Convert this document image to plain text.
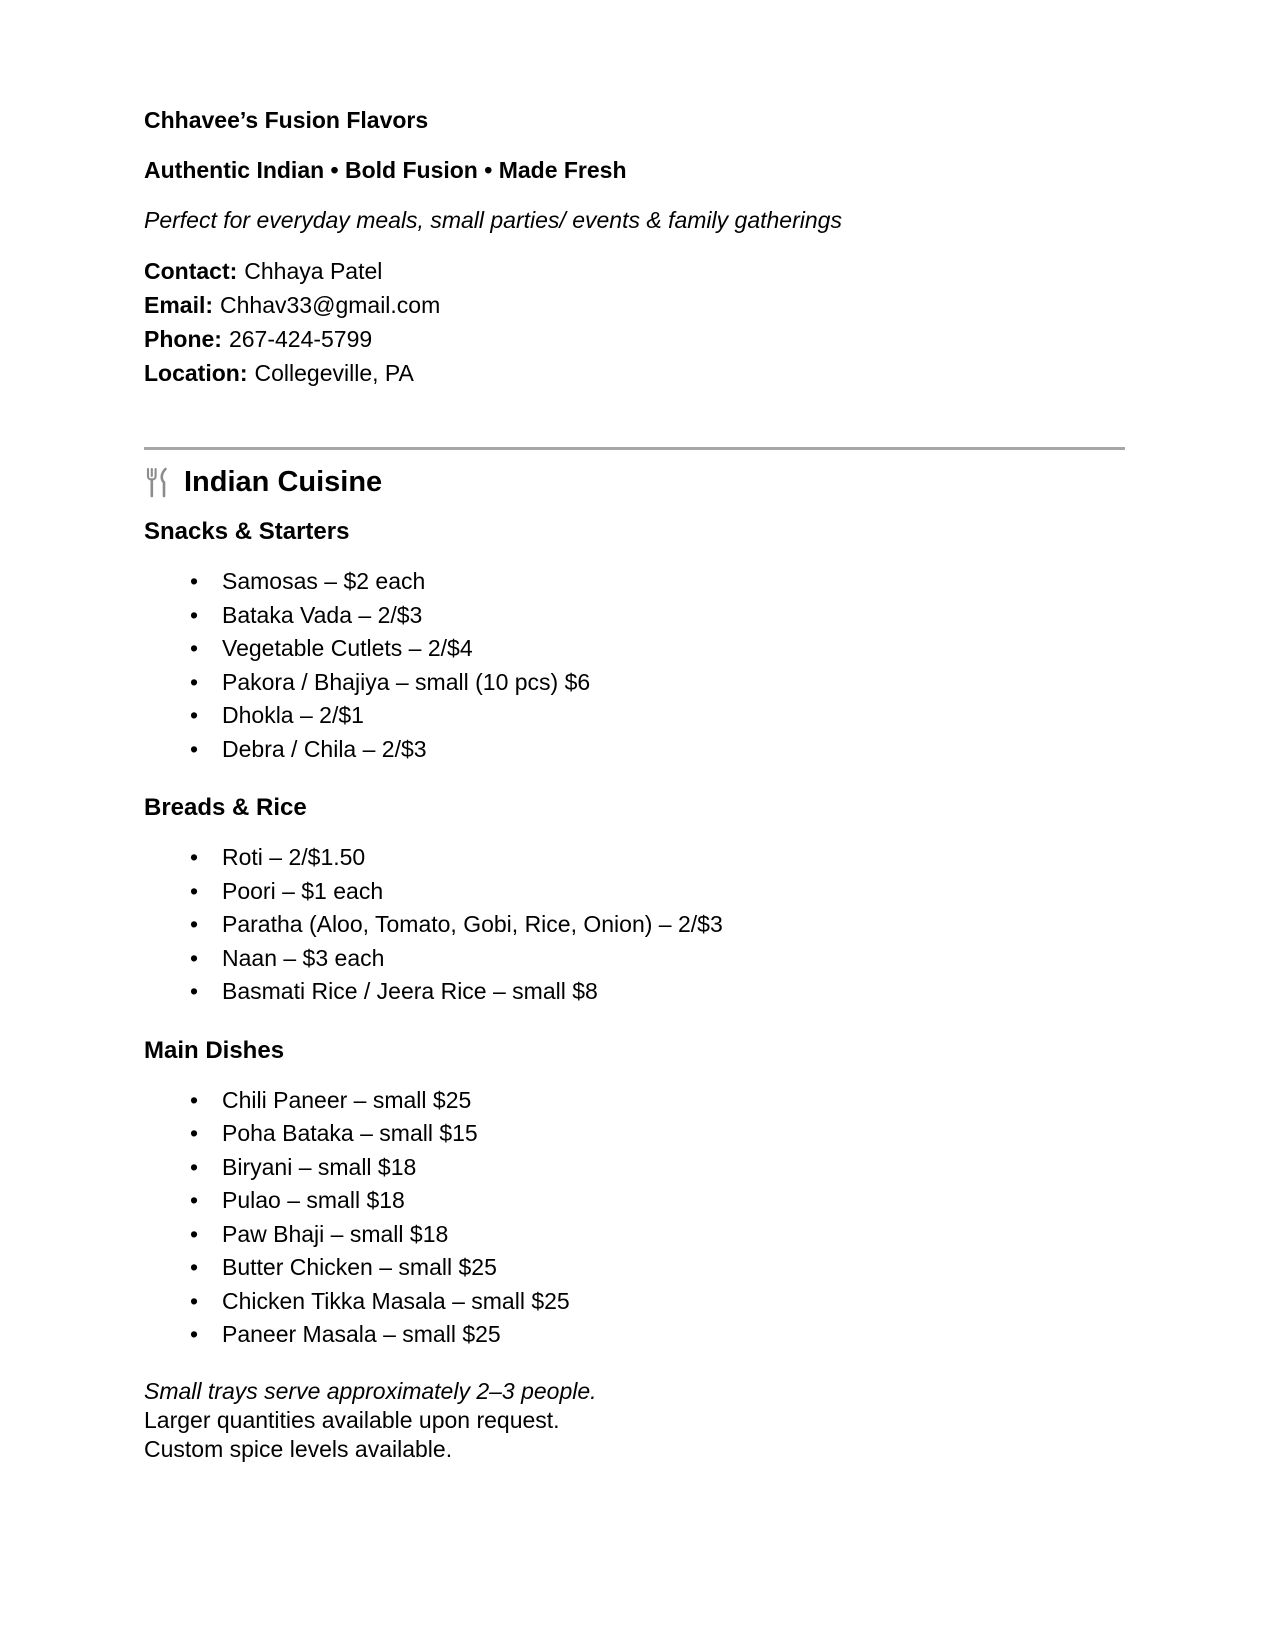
Chhavee’s Fusion Flavors

Authentic Indian • Bold Fusion • Made Fresh

Perfect for everyday meals, small parties/ events & family gatherings

Contact: Chhaya Patel

Email: Chhav33@gmail.com

Phone: 267-424-5799

Location: Collegeville, PA

Indian Cuisine
Snacks & Starters
• Samosas – $2 each
• Bataka Vada – 2/$3
• Vegetable Cutlets – 2/$4
• Pakora / Bhajiya – small (10 pcs) $6
• Dhokla – 2/$1
• Debra / Chila – 2/$3
Breads & Rice
• Roti – 2/$1.50
• Poori – $1 each
• Paratha (Aloo, Tomato, Gobi, Rice, Onion) – 2/$3
• Naan – $3 each
• Basmati Rice / Jeera Rice – small $8
Main Dishes
• Chili Paneer – small $25
• Poha Bataka – small $15
• Biryani – small $18
• Pulao – small $18
• Paw Bhaji – small $18
• Butter Chicken – small $25
• Chicken Tikka Masala – small $25
• Paneer Masala – small $25

Small trays serve approximately 2–3 people.

Larger quantities available upon request.

Custom spice levels available.
